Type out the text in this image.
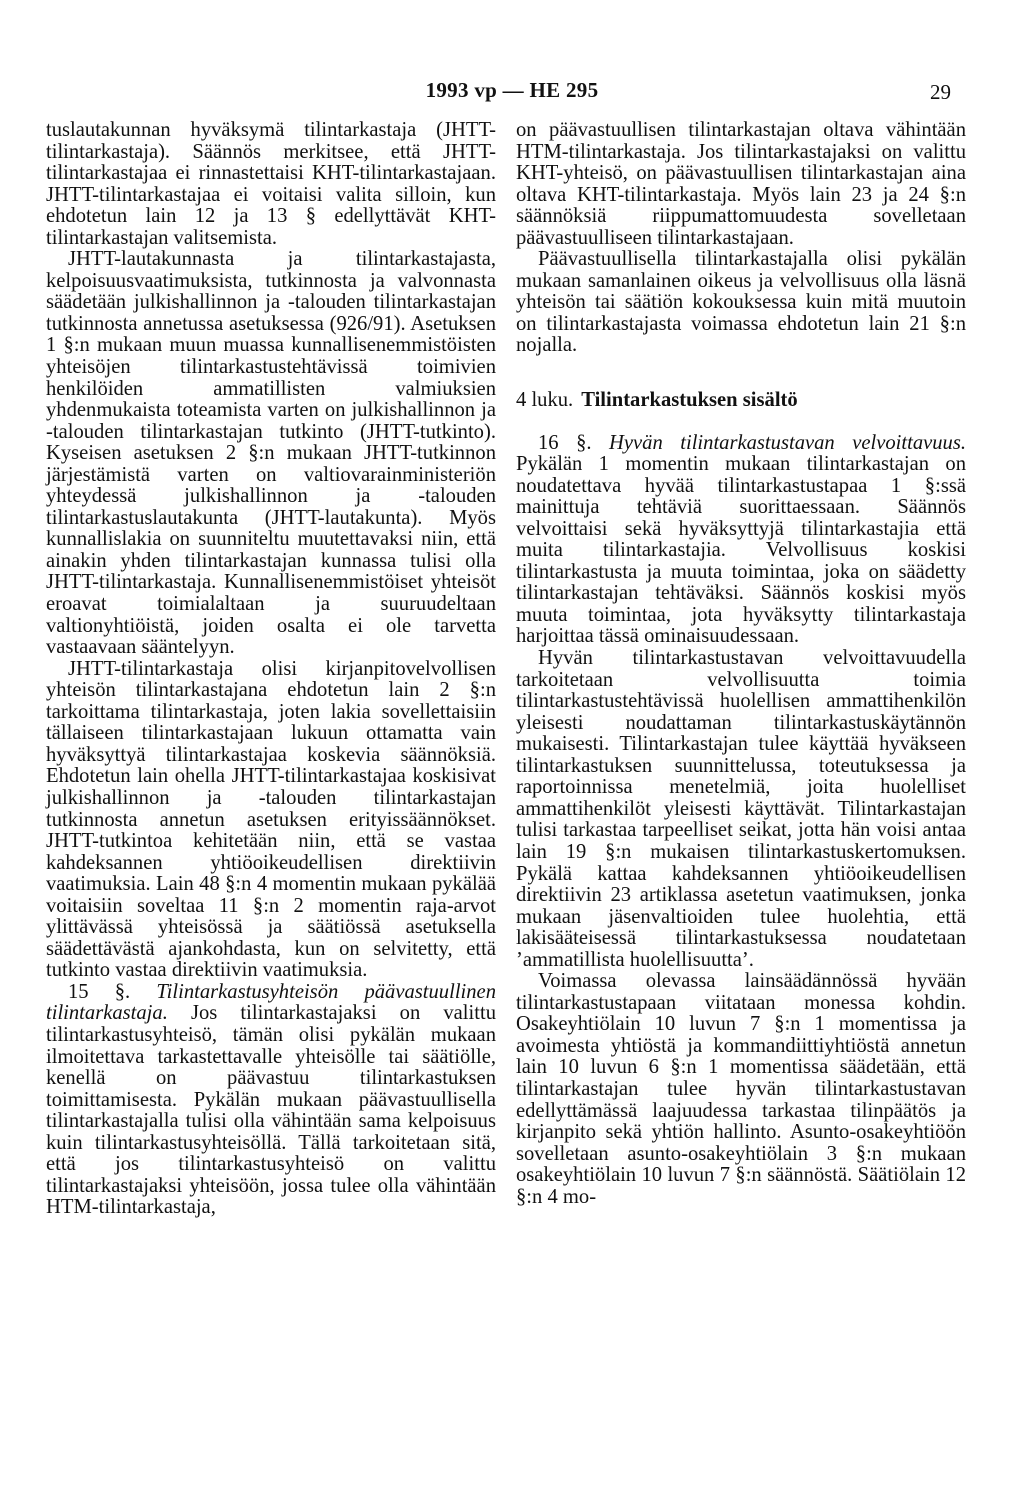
1993 vp — HE 295	29

tuslautakunnan hyväksymä tilintarkastaja (JHTT-tilintarkastaja). Säännös merkitsee, että JHTT-tilintarkastajaa ei rinnastettaisi KHT-tilintarkastajaan. JHTT-tilintarkastajaa ei voitaisi valita silloin, kun ehdotetun lain 12 ja 13 § edellyttävät KHT-tilintarkastajan valitsemista.

JHTT-lautakunnasta ja tilintarkastajasta, kelpoisuusvaatimuksista, tutkinnosta ja valvonnasta säädetään julkishallinnon ja -talouden tilintarkastajan tutkinnosta annetussa asetuksessa (926/91). Asetuksen 1 §:n mukaan muun muassa kunnallisenemmistöisten yhteisöjen tilintarkastustehtävissä toimivien henkilöiden ammatillisten valmiuksien yhdenmukaista toteamista varten on julkishallinnon ja -talouden tilintarkastajan tutkinto (JHTT-tutkinto). Kyseisen asetuksen 2 §:n mukaan JHTT-tutkinnon järjestämistä varten on valtiovarainministeriön yhteydessä julkishallinnon ja -talouden tilintarkastuslautakunta (JHTT-lautakunta). Myös kunnallislakia on suunniteltu muutettavaksi niin, että ainakin yhden tilintarkastajan kunnassa tulisi olla JHTT-tilintarkastaja. Kunnallisenemmistöiset yhteisöt eroavat toimialaltaan ja suuruudeltaan valtionyhtiöistä, joiden osalta ei ole tarvetta vastaavaan sääntelyyn.

JHTT-tilintarkastaja olisi kirjanpitovelvollisen yhteisön tilintarkastajana ehdotetun lain 2 §:n tarkoittama tilintarkastaja, joten lakia sovellettaisiin tällaiseen tilintarkastajaan lukuun ottamatta vain hyväksyttyä tilintarkastajaa koskevia säännöksiä. Ehdotetun lain ohella JHTT-tilintarkastajaa koskisivat julkishallinnon ja -talouden tilintarkastajan tutkinnosta annetun asetuksen erityissäännökset. JHTT-tutkintoa kehitetään niin, että se vastaa kahdeksannen yhtiöoikeudellisen direktiivin vaatimuksia. Lain 48 §:n 4 momentin mukaan pykälää voitaisiin soveltaa 11 §:n 2 momentin raja-arvot ylittävässä yhteisössä ja säätiössä asetuksella säädettävästä ajankohdasta, kun on selvitetty, että tutkinto vastaa direktiivin vaatimuksia.

15 §. Tilintarkastusyhteisön päävastuullinen tilintarkastaja. Jos tilintarkastajaksi on valittu tilintarkastusyhteisö, tämän olisi pykälän mukaan ilmoitettava tarkastettavalle yhteisölle tai säätiölle, kenellä on päävastuu tilintarkastuksen toimittamisesta. Pykälän mukaan päävastuullisella tilintarkastajalla tulisi olla vähintään sama kelpoisuus kuin tilintarkastusyhteisöllä. Tällä tarkoitetaan sitä, että jos tilintarkastusyhteisö on valittu tilintarkastajaksi yhteisöön, jossa tulee olla vähintään HTM-tilintarkastaja,

on päävastuullisen tilintarkastajan oltava vähintään HTM-tilintarkastaja. Jos tilintarkastajaksi on valittu KHT-yhteisö, on päävastuullisen tilintarkastajan aina oltava KHT-tilintarkastaja. Myös lain 23 ja 24 §:n säännöksiä riippumattomuudesta sovelletaan päävastuulliseen tilintarkastajaan.

Päävastuullisella tilintarkastajalla olisi pykälän mukaan samanlainen oikeus ja velvollisuus olla läsnä yhteisön tai säätiön kokouksessa kuin mitä muutoin on tilintarkastajasta voimassa ehdotetun lain 21 §:n nojalla.

4 luku. Tilintarkastuksen sisältö

16 §. Hyvän tilintarkastustavan velvoittavuus. Pykälän 1 momentin mukaan tilintarkastajan on noudatettava hyvää tilintarkastustapaa 1 §:ssä mainittuja tehtäviä suorittaessaan. Säännös velvoittaisi sekä hyväksyttyjä tilintarkastajia että muita tilintarkastajia. Velvollisuus koskisi tilintarkastusta ja muuta toimintaa, joka on säädetty tilintarkastajan tehtäväksi. Säännös koskisi myös muuta toimintaa, jota hyväksytty tilintarkastaja harjoittaa tässä ominaisuudessaan.

Hyvän tilintarkastustavan velvoittavuudella tarkoitetaan velvollisuutta toimia tilintarkastustehtävissä huolellisen ammattihenkilön yleisesti noudattaman tilintarkastuskäytännön mukaisesti. Tilintarkastajan tulee käyttää hyväkseen tilintarkastuksen suunnittelussa, toteutuksessa ja raportoinnissa menetelmiä, joita huolelliset ammattihenkilöt yleisesti käyttävät. Tilintarkastajan tulisi tarkastaa tarpeelliset seikat, jotta hän voisi antaa lain 19 §:n mukaisen tilintarkastuskertomuksen. Pykälä kattaa kahdeksannen yhtiöoikeudellisen direktiivin 23 artiklassa asetetun vaatimuksen, jonka mukaan jäsenvaltioiden tulee huolehtia, että lakisääteisessä tilintarkastuksessa noudatetaan ’ammatillista huolellisuutta’.

Voimassa olevassa lainsäädännössä hyvään tilintarkastustapaan viitataan monessa kohdin. Osakeyhtiölain 10 luvun 7 §:n 1 momentissa ja avoimesta yhtiöstä ja kommandiittiyhtiöstä annetun lain 10 luvun 6 §:n 1 momentissa säädetään, että tilintarkastajan tulee hyvän tilintarkastustavan edellyttämässä laajuudessa tarkastaa tilinpäätös ja kirjanpito sekä yhtiön hallinto. Asunto-osakeyhtiöön sovelletaan asunto-osakeyhtiölain 3 §:n mukaan osakeyhtiölain 10 luvun 7 §:n säännöstä. Säätiölain 12 §:n 4 mo-
